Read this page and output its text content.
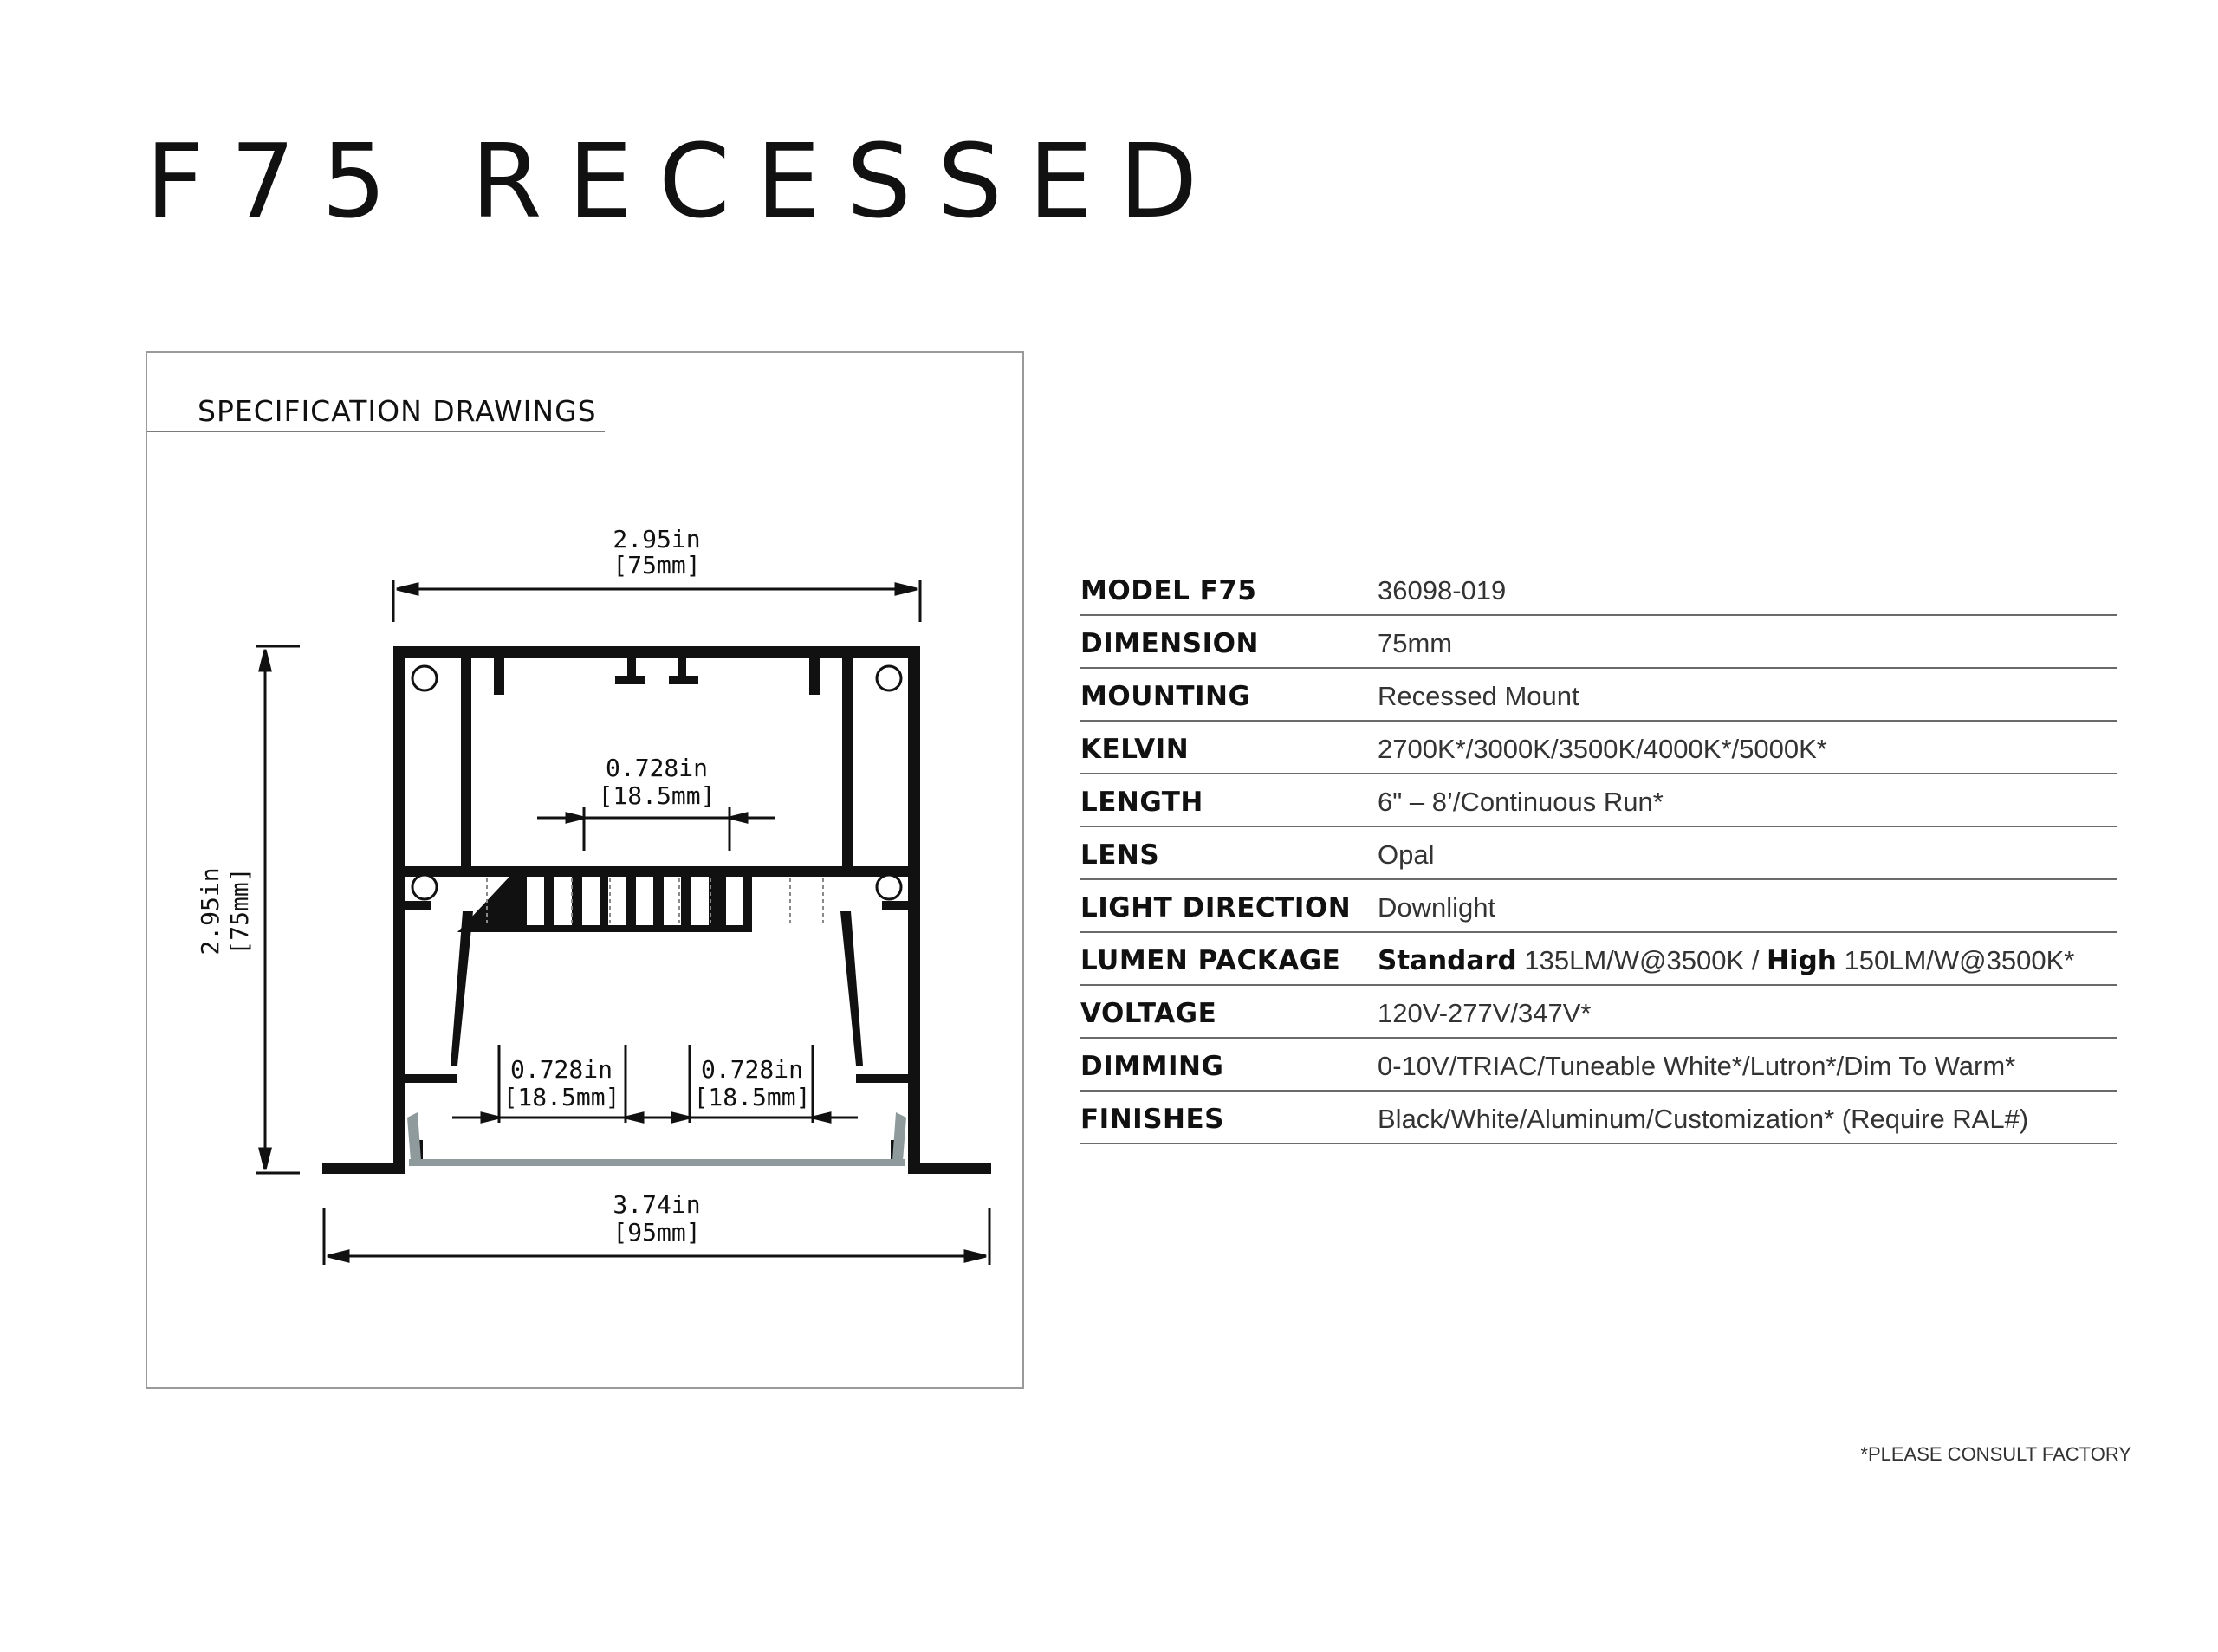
F75 RECESSED
SPECIFICATION DRAWINGS
2.95in
[75mm]
2.95in [75mm]
0.728in
[18.5mm]
0.728in
[18.5mm]
0.728in
[18.5mm]
3.74in
[95mm]
MODEL F75	36098-019
DIMENSION	75mm
MOUNTING	Recessed Mount
KELVIN	2700K*/3000K/3500K/4000K*/5000K*
LENGTH	6" – 8’/Continuous Run*
LENS	Opal
LIGHT DIRECTION Downlight
LUMEN PACKAGE	Standard 135LM/W@3500K / High 150LM/W@3500K*
VOLTAGE	120V-277V/347V*
DIMMING	0-10V/TRIAC/Tuneable White*/Lutron*/Dim To Warm*
FINISHES	Black/White/Aluminum/Customization* (Require RAL#)
*PLEASE CONSULT FACTORY
